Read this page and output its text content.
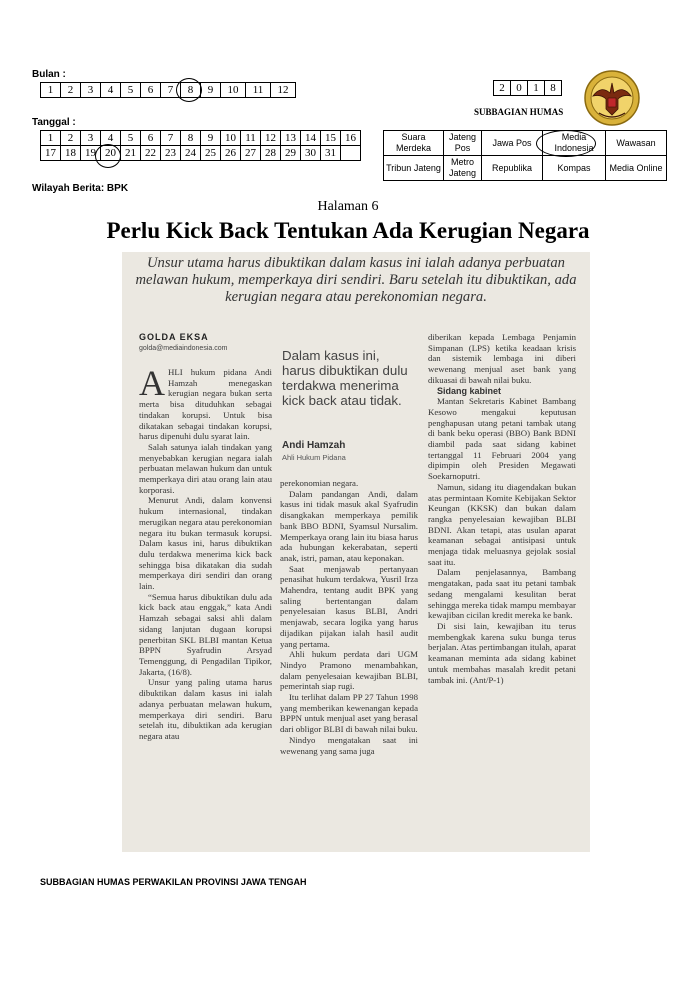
Bulan :
1	2	3	4	5	6	7	8	9	10	11	12
Tanggal :
1	2	3	4	5	6	7	8	9	10	11	12	13	14	15	16
17	18	19	20	21	22	23	24	25	26	27	28	29	30	31	
Wilayah Berita: BPK
2	0	1	8
SUBBAGIAN HUMAS
Suara Merdeka	Jateng Pos	Jawa Pos	Media Indonesia	Wawasan
Tribun Jateng	Metro Jateng	Republika	Kompas	Media Online
Halaman 6
Perlu Kick Back Tentukan Ada Kerugian Negara
Unsur utama harus dibuktikan dalam kasus ini ialah adanya perbuatan melawan hukum, memperkaya diri sendiri. Baru setelah itu dibuktikan, ada kerugian negara atau perekonomian negara.
GOLDA EKSA
golda@mediaindonesia.com

AHLI hukum pidana Andi Hamzah menegaskan kerugian negara bukan serta merta bisa dituduhkan sebagai tindakan korupsi. Untuk bisa dikatakan sebagai tindakan korupsi, harus dipenuhi dulu syarat lain.

Salah satunya ialah tindakan yang menyebabkan kerugian negara ialah perbuatan melawan hukum dan untuk memperkaya diri atau orang lain atau korporasi.

Menurut Andi, dalam konvensi hukum internasional, tindakan merugikan negara atau perekonomian negara itu bukan termasuk korupsi. Dalam kasus ini, harus dibuktikan dulu terdakwa menerima kick back sehingga bisa dikatakan dia sudah memperkaya diri sendiri dan orang lain.

“Semua harus dibuktikan dulu ada kick back atau enggak,” kata Andi Hamzah sebagai saksi ahli dalam sidang lanjutan dugaan korupsi penerbitan SKL BLBI mantan Ketua BPPN Syafrudin Arsyad Temenggung, di Pengadilan Tipikor, Jakarta, (16/8).

Unsur yang paling utama harus dibuktikan dalam kasus ini ialah adanya perbuatan melawan hukum, memperkaya diri sendiri. Baru setelah itu, dibuktikan ada kerugian negara atau

Dalam kasus ini, harus dibuktikan dulu terdakwa menerima kick back atau tidak.
Andi Hamzah
Ahli Hukum Pidana

perekonomian negara.

Dalam pandangan Andi, dalam kasus ini tidak masuk akal Syafrudin disangkakan memperkaya pemilik bank BBO BDNI, Syamsul Nursalim. Memperkaya orang lain itu biasa harus ada hubungan kekerabatan, seperti anak, istri, paman, atau keponakan.

Saat menjawab pertanyaan penasihat hukum terdakwa, Yusril Irza Mahendra, tentang audit BPK yang saling bertentangan dalam penyelesaian kasus BLBI, Andri menjawab, secara logika yang harus dijadikan pijakan ialah hasil audit yang pertama.

Ahli hukum perdata dari UGM Nindyo Pramono menambahkan, dalam penyelesaian kewajiban BLBI, pemerintah siap rugi.

Itu terlihat dalam PP 27 Tahun 1998 yang memberikan kewenangan kepada BPPN untuk menjual aset yang berasal dari obligor BLBI di bawah nilai buku.

Nindyo mengatakan saat ini wewenang yang sama juga

diberikan kepada Lembaga Penjamin Simpanan (LPS) ketika keadaan krisis dan sistemik lembaga ini diberi wewenang menjual aset bank yang dikuasai di bawah nilai buku.

Sidang kabinet

Mantan Sekretaris Kabinet Bambang Kesowo mengakui keputusan penghapusan utang petani tambak utang di bank beku operasi (BBO) Bank BDNI diambil pada saat sidang kabinet tertanggal 11 Februari 2004 yang dipimpin oleh Presiden Megawati Soekarnoputri.

Namun, sidang itu diagendakan bukan atas permintaan Komite Kebijakan Sektor Keungan (KKSK) dan bukan dalam rangka penyelesaian kewajiban BLBI BDNI. Akan tetapi, atas usulan aparat keamanan sebagai antisipasi untuk menjaga tidak meluasnya gejolak sosial saat itu.

Dalam penjelasannya, Bambang mengatakan, pada saat itu petani tambak sedang mengalami kesulitan berat sehingga mereka tidak mampu membayar kewajiban cicilan kredit mereka ke bank.

Di sisi lain, kewajiban itu terus membengkak karena suku bunga terus berjalan. Atas pertimbangan itulah, aparat keamanan meminta ada sidang kabinet untuk membahas masalah kredit petani tambak ini. (Ant/P-1)

SUBBAGIAN HUMAS PERWAKILAN PROVINSI JAWA TENGAH
